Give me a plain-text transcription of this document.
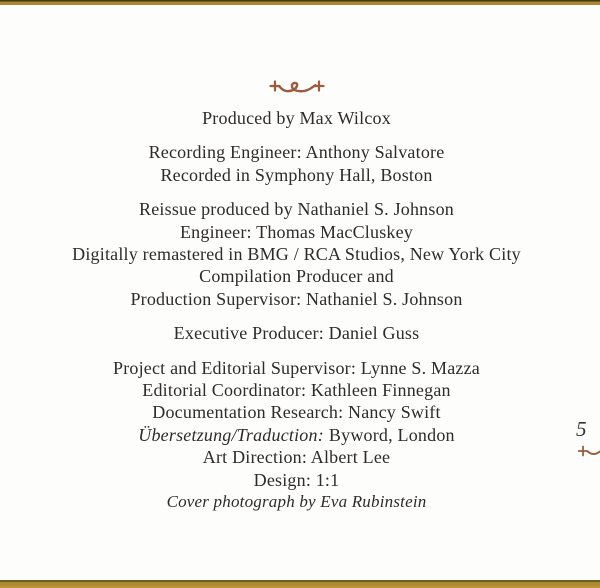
Produced by Max Wilcox
Recording Engineer: Anthony Salvatore
Recorded in Symphony Hall, Boston
Reissue produced by Nathaniel S. Johnson
Engineer: Thomas MacCluskey
Digitally remastered in BMG / RCA Studios, New York City
Compilation Producer and
Production Supervisor: Nathaniel S. Johnson
Executive Producer: Daniel Guss
Project and Editorial Supervisor: Lynne S. Mazza
Editorial Coordinator: Kathleen Finnegan
Documentation Research: Nancy Swift
Übersetzung/Traduction: Byword, London
Art Direction: Albert Lee
Design: 1:1
Cover photograph by Eva Rubinstein
5
